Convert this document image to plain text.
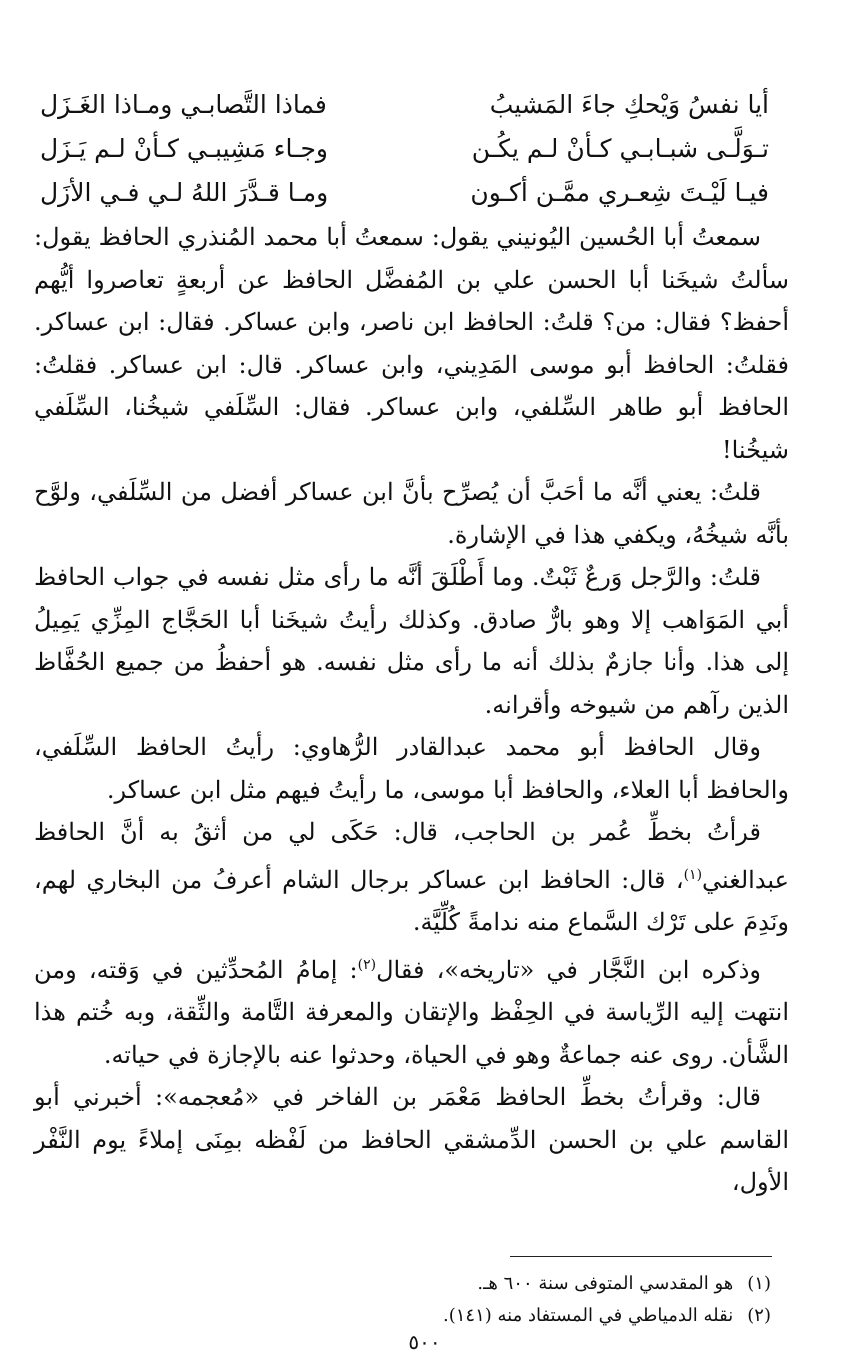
أيا نفسُ وَيْحكِ جاءَ المَشيبُ
فماذا التَّصابـي ومـاذا الغَـزَل
تـوَلَّـى شبـابـي كـأنْ لـم يكُـن
وجـاء مَشِيبـي كـأنْ لـم يَـزَل
فيـا لَيْـتَ شِعـري ممَّـن أكـون
ومـا قـدَّرَ اللهُ لـي فـي الأزَل

سمعتُ أبا الحُسين اليُونيني يقول: سمعتُ أبا محمد المُنذري الحافظ يقول: سألتُ شيخَنا أبا الحسن علي بن المُفضَّل الحافظ عن أربعةٍ تعاصروا أيُّهم أحفظ؟ فقال: من؟ قلتُ: الحافظ ابن ناصر، وابن عساكر. فقال: ابن عساكر. فقلتُ: الحافظ أبو موسى المَدِيني، وابن عساكر. قال: ابن عساكر. فقلتُ: الحافظ أبو طاهر السِّلفي، وابن عساكر. فقال: السِّلَفي شيخُنا، السِّلَفي شيخُنا!

قلتُ: يعني أنَّه ما أحَبَّ أن يُصرِّح بأنَّ ابن عساكر أفضل من السِّلَفي، ولوَّح بأنَّه شيخُهُ، ويكفي هذا في الإشارة.

قلتُ: والرَّجل وَرعٌ ثَبْتٌ. وما أَطْلَقَ أنَّه ما رأى مثل نفسه في جواب الحافظ أبي المَوَاهب إلا وهو بارٌّ صادق. وكذلك رأيتُ شيخَنا أبا الحَجَّاج المِزِّي يَمِيلُ إلى هذا. وأنا جازمٌ بذلك أنه ما رأى مثل نفسه. هو أحفظُ من جميع الحُفَّاظ الذين رآهم من شيوخه وأقرانه.

وقال الحافظ أبو محمد عبدالقادر الرُّهاوي: رأيتُ الحافظ السِّلَفي، والحافظ أبا العلاء، والحافظ أبا موسى، ما رأيتُ فيهم مثل ابن عساكر.

قرأتُ بخطِّ عُمر بن الحاجب، قال: حَكَى لي من أثقُ به أنَّ الحافظ عبدالغني$^{(١)}$، قال: الحافظ ابن عساكر برجال الشام أعرفُ من البخاري لهم، ونَدِمَ على تَرْك السَّماع منه ندامةً كُلِّيَّة.

وذكره ابن النَّجَّار في «تاريخه»، فقال$^{(٢)}$: إمامُ المُحدِّثين في وَقته، ومن انتهت إليه الرِّياسة في الحِفْظ والإتقان والمعرفة التَّامة والثِّقة، وبه خُتم هذا الشَّأن. روى عنه جماعةٌ وهو في الحياة، وحدثوا عنه بالإجازة في حياته.

قال: وقرأتُ بخطِّ الحافظ مَعْمَر بن الفاخر في «مُعجمه»: أخبرني أبو القاسم علي بن الحسن الدِّمشقي الحافظ من لَفْظه بمِنَى إملاءً يوم النَّفْر الأول،

(١)هو المقدسي المتوفى سنة ٦٠٠ هـ.
(٢)نقله الدمياطي في المستفاد منه (١٤١).
٥٠٠
